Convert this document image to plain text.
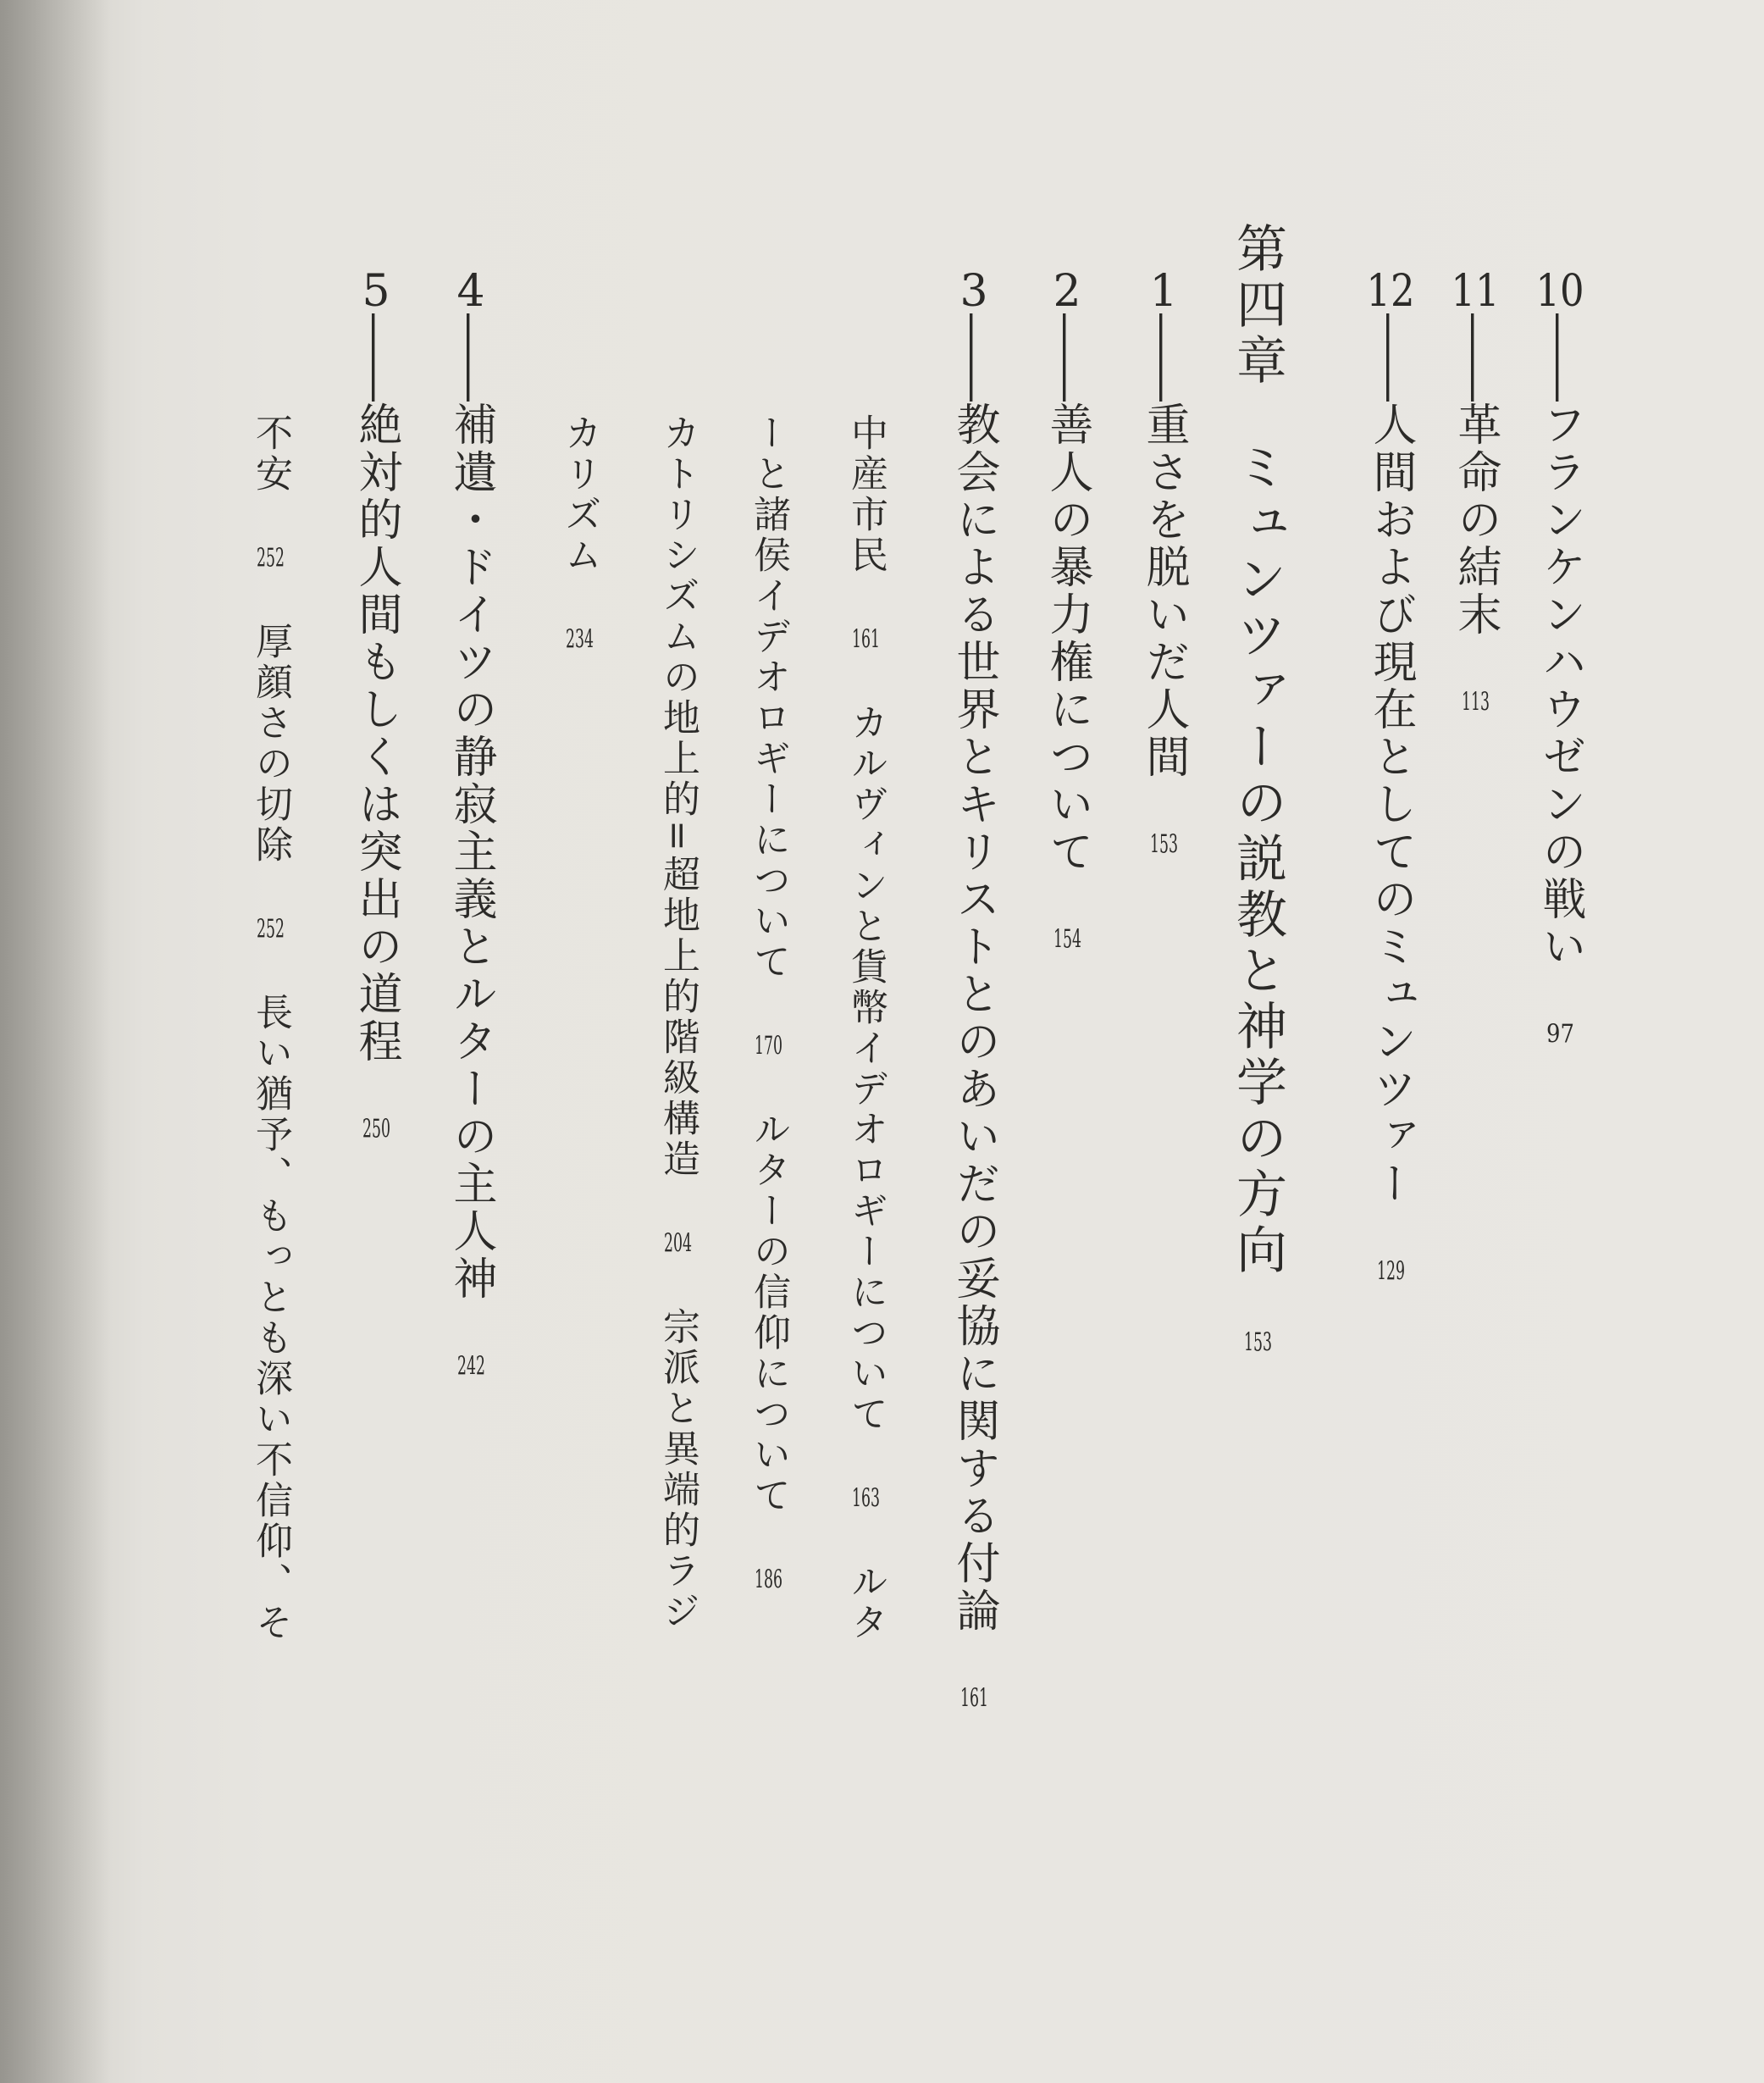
10――フランケンハウゼンの戦い97
11――革命の結末113
12――人間および現在としてのミュンツァー129
第四章ミュンツァーの説教と神学の方向153
1――重さを脱いだ人間153
2――善人の暴力権について154
3――教会による世界とキリストとのあいだの妥協に関する付論161
中産市民161カルヴィンと貨幣イデオロギーについて163ルタ
ーと諸侯イデオロギーについて170ルターの信仰について186
カトリシズムの地上的=超地上的階級構造204宗派と異端的ラジ
カリズム234
4――補遺・ドイツの静寂主義とルターの主人神242
5――絶対的人間もしくは突出の道程250
不安252厚顔さの切除252長い猶予、もっとも深い不信仰、そ
